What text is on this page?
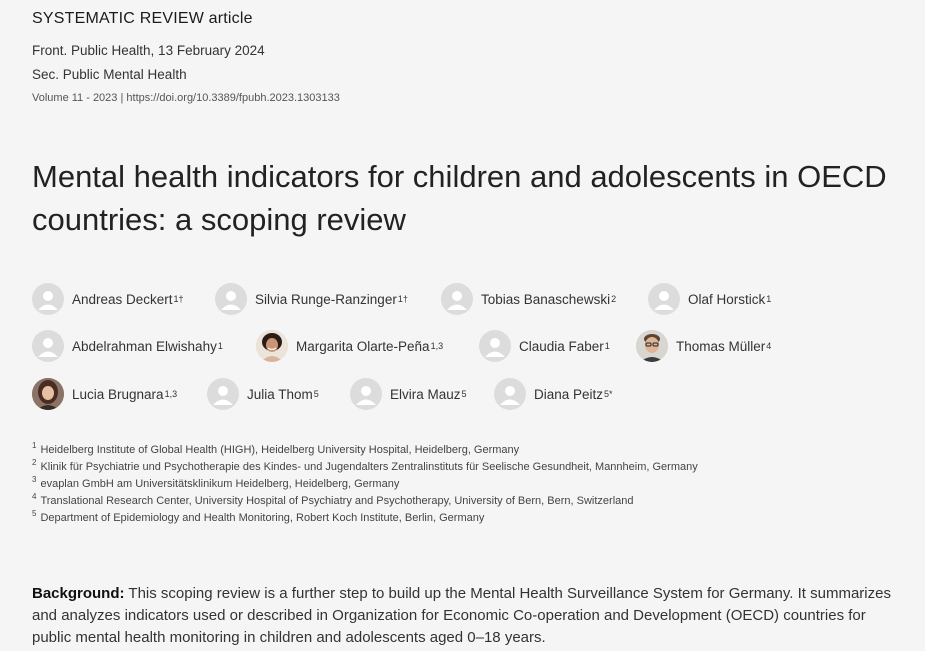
SYSTEMATIC REVIEW article
Front. Public Health, 13 February 2024
Sec. Public Mental Health
Volume 11 - 2023 | https://doi.org/10.3389/fpubh.2023.1303133
Mental health indicators for children and adolescents in OECD countries: a scoping review
Andreas Deckert 1†	Silvia Runge-Ranzinger 1†	Tobias Banaschewski 2	Olaf Horstick 1
Abdelrahman Elwishahy 1	Margarita Olarte-Peña 1,3	Claudia Faber 1	Thomas Müller 4
Lucia Brugnara 1,3	Julia Thom 5	Elvira Mauz 5	Diana Peitz 5*
$^1$ Heidelberg Institute of Global Health (HIGH), Heidelberg University Hospital, Heidelberg, Germany
$^2$ Klinik für Psychiatrie und Psychotherapie des Kindes- und Jugendalters Zentralinstituts für Seelische Gesundheit, Mannheim, Germany
$^3$ evaplan GmbH am Universitätsklinikum Heidelberg, Heidelberg, Germany
$^4$ Translational Research Center, University Hospital of Psychiatry and Psychotherapy, University of Bern, Bern, Switzerland
$^5$ Department of Epidemiology and Health Monitoring, Robert Koch Institute, Berlin, Germany

Background: This scoping review is a further step to build up the Mental Health Surveillance System for Germany. It summarizes and analyzes indicators used or described in Organization for Economic Co-operation and Development (OECD) countries for public mental health monitoring in children and adolescents aged 0–18 years.
